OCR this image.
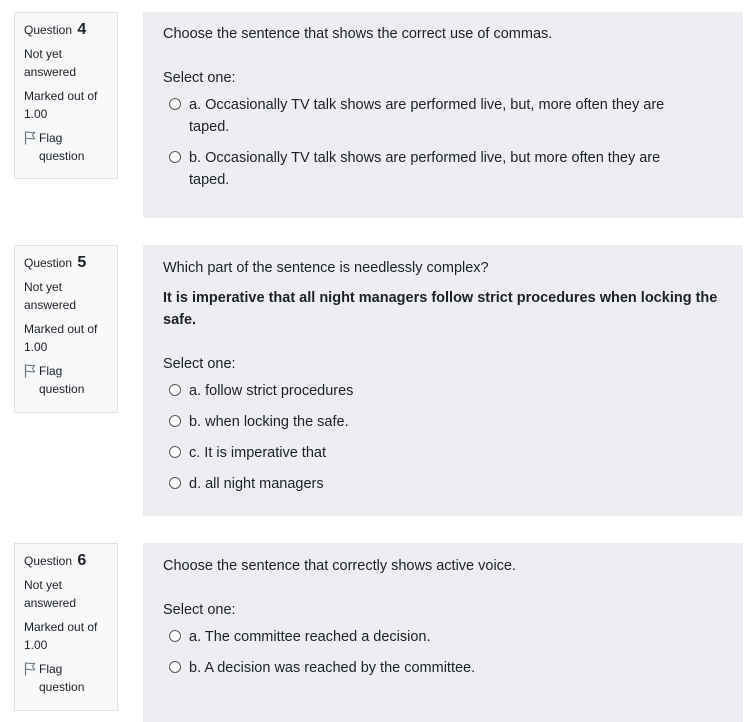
Question 4
Not yet answered
Marked out of 1.00
Flag question
Choose the sentence that shows the correct use of commas.
Select one:
a. Occasionally TV talk shows are performed live, but, more often they are taped.
b. Occasionally TV talk shows are performed live, but more often they are taped.
Question 5
Not yet answered
Marked out of 1.00
Flag question
Which part of the sentence is needlessly complex?
It is imperative that all night managers follow strict procedures when locking the safe.
Select one:
a. follow strict procedures
b. when locking the safe.
c. It is imperative that
d. all night managers
Question 6
Not yet answered
Marked out of 1.00
Flag question
Choose the sentence that correctly shows active voice.
Select one:
a. The committee reached a decision.
b. A decision was reached by the committee.
